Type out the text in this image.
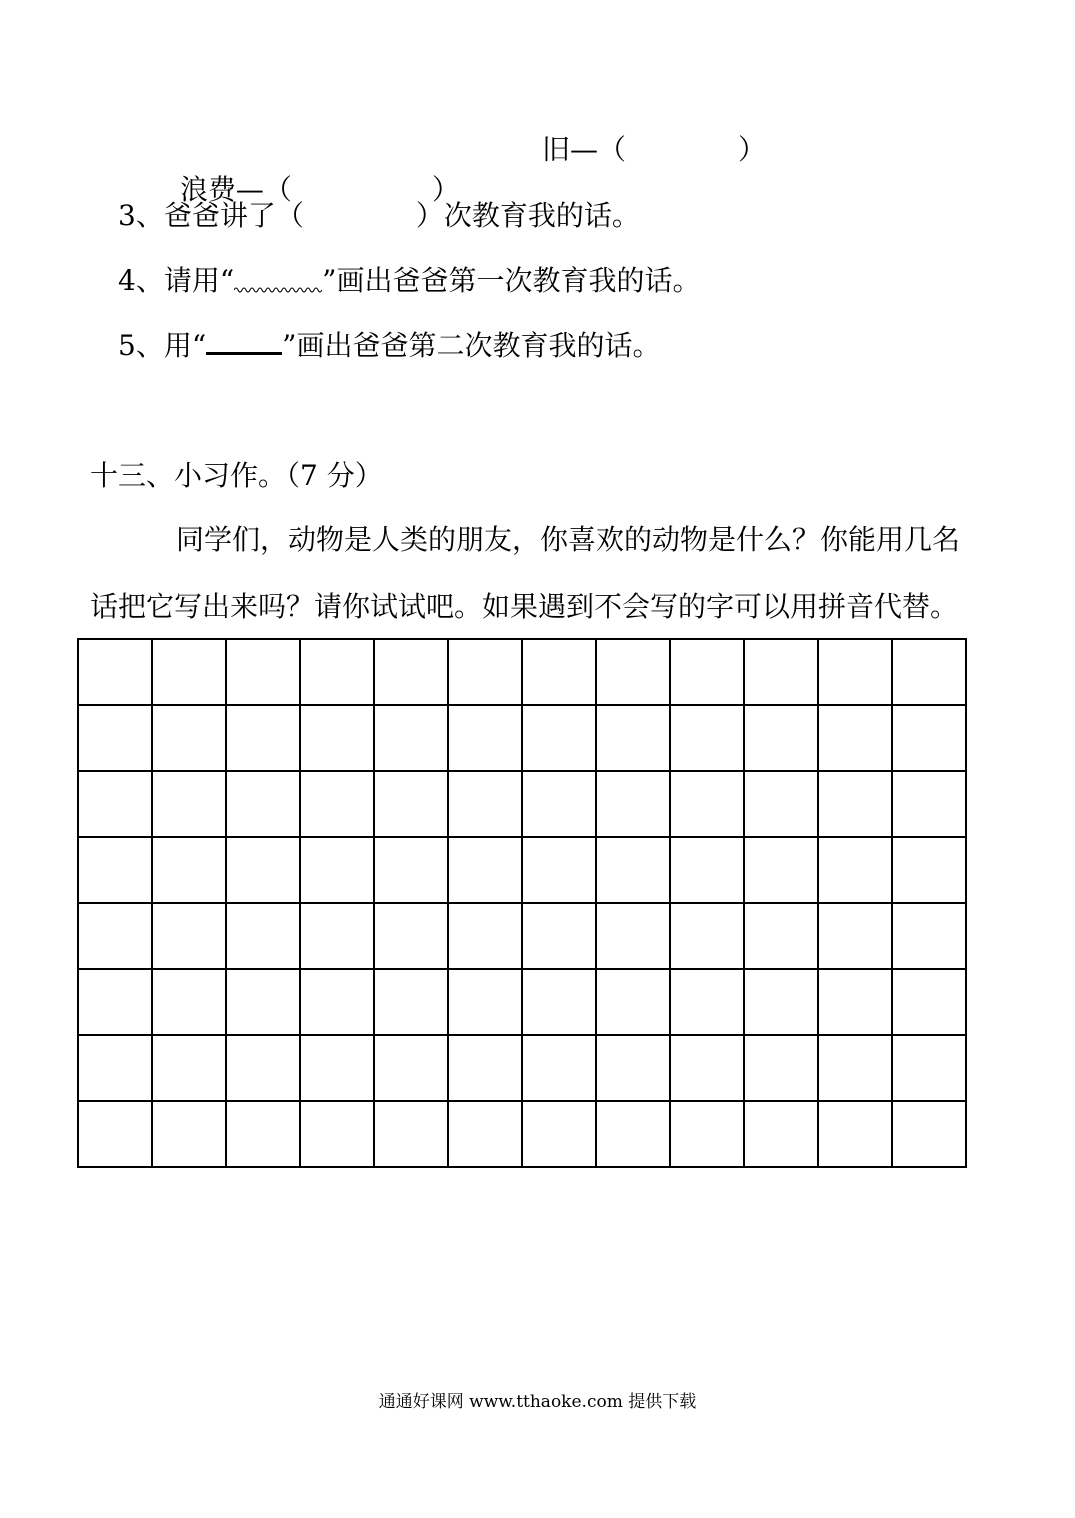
浪费—（　　　　　）

旧—（　　　　）

3、爸爸讲了（　　　　）次教育我的话。
4、请用“	”画出爸爸第一次教育我的话。
5、用“	”画出爸爸第二次教育我的话。
十三、小习作。（7 分）
同学们，动物是人类的朋友，你喜欢的动物是什么？你能用几名
话把它写出来吗？请你试试吧。如果遇到不会写的字可以用拼音代替。

通通好课网 www.tthaoke.com 提供下载
